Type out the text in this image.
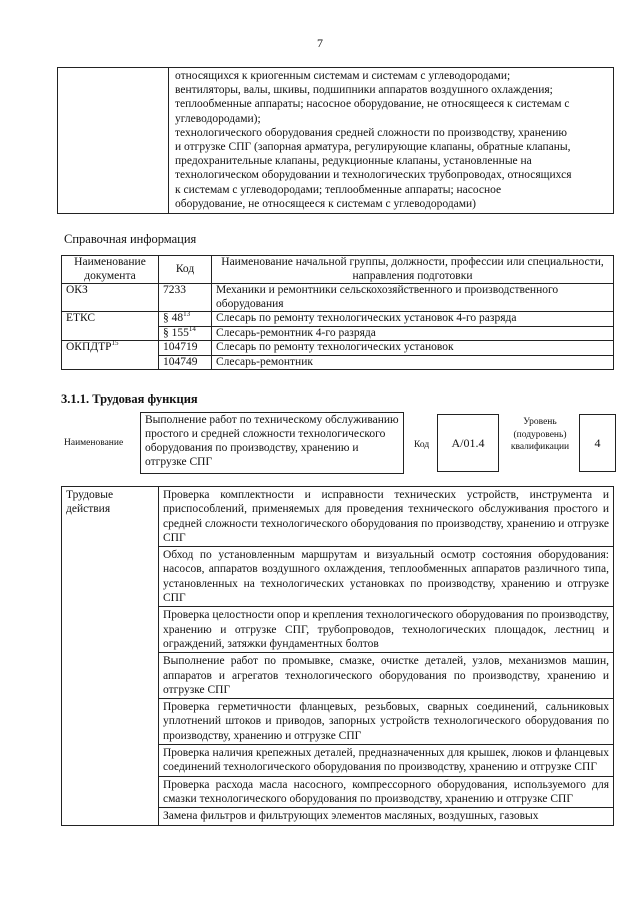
7

относящихся к криогенным системам и системам с углеводородами;
вентиляторы, валы, шкивы, подшипники аппаратов воздушного охлаждения;
теплообменные аппараты; насосное оборудование, не относящееся к системам с
углеводородами);
технологического оборудования средней сложности по производству, хранению
и отгрузке СПГ (запорная арматура, регулирующие клапаны, обратные клапаны,
предохранительные клапаны, редукционные клапаны, установленные на
технологическом оборудовании и технологических трубопроводах, относящихся
к системам с углеводородами; теплообменные аппараты; насосное
оборудование, не относящееся к системам с углеводородами)
Справочная информация
Наименование документа	Код	Наименование начальной группы, должности, профессии или специальности, направления подготовки
ОКЗ	7233	Механики и ремонтники сельскохозяйственного и производственного оборудования
ЕТКС	§ $48^{13}$	Слесарь по ремонту технологических установок 4-го разряда
	§ $155^{14}$	Слесарь-ремонтник 4-го разряда
ОКПДТР$^{15}$	104719	Слесарь по ремонту технологических установок
	104749	Слесарь-ремонтник
3.1.1. Трудовая функция
Наименование
Выполнение работ по техническому обслуживанию простого и средней сложности технологического оборудования по производству, хранению и отгрузке СПГ
Код	А/01.4
Уровень (подуровень) квалификации	4
Трудовые действия	Проверка комплектности и исправности технических устройств, инструмента и приспособлений, применяемых для проведения технического обслуживания простого и средней сложности технологического оборудования по производству, хранению и отгрузке СПГ
Обход по установленным маршрутам и визуальный осмотр состояния оборудования: насосов, аппаратов воздушного охлаждения, теплообменных аппаратов различного типа, установленных на технологических установках по производству, хранению и отгрузке СПГ
Проверка целостности опор и крепления технологического оборудования по производству, хранению и отгрузке СПГ, трубопроводов, технологических площадок, лестниц и ограждений, затяжки фундаментных болтов
Выполнение работ по промывке, смазке, очистке деталей, узлов, механизмов машин, аппаратов и агрегатов технологического оборудования по производству, хранению и отгрузке СПГ
Проверка герметичности фланцевых, резьбовых, сварных соединений, сальниковых уплотнений штоков и приводов, запорных устройств технологического оборудования по производству, хранению и отгрузке СПГ
Проверка наличия крепежных деталей, предназначенных для крышек, люков и фланцевых соединений технологического оборудования по производству, хранению и отгрузке СПГ
Проверка расхода масла насосного, компрессорного оборудования, используемого для смазки технологического оборудования по производству, хранению и отгрузке СПГ
Замена фильтров и фильтрующих элементов масляных, воздушных, газовых
